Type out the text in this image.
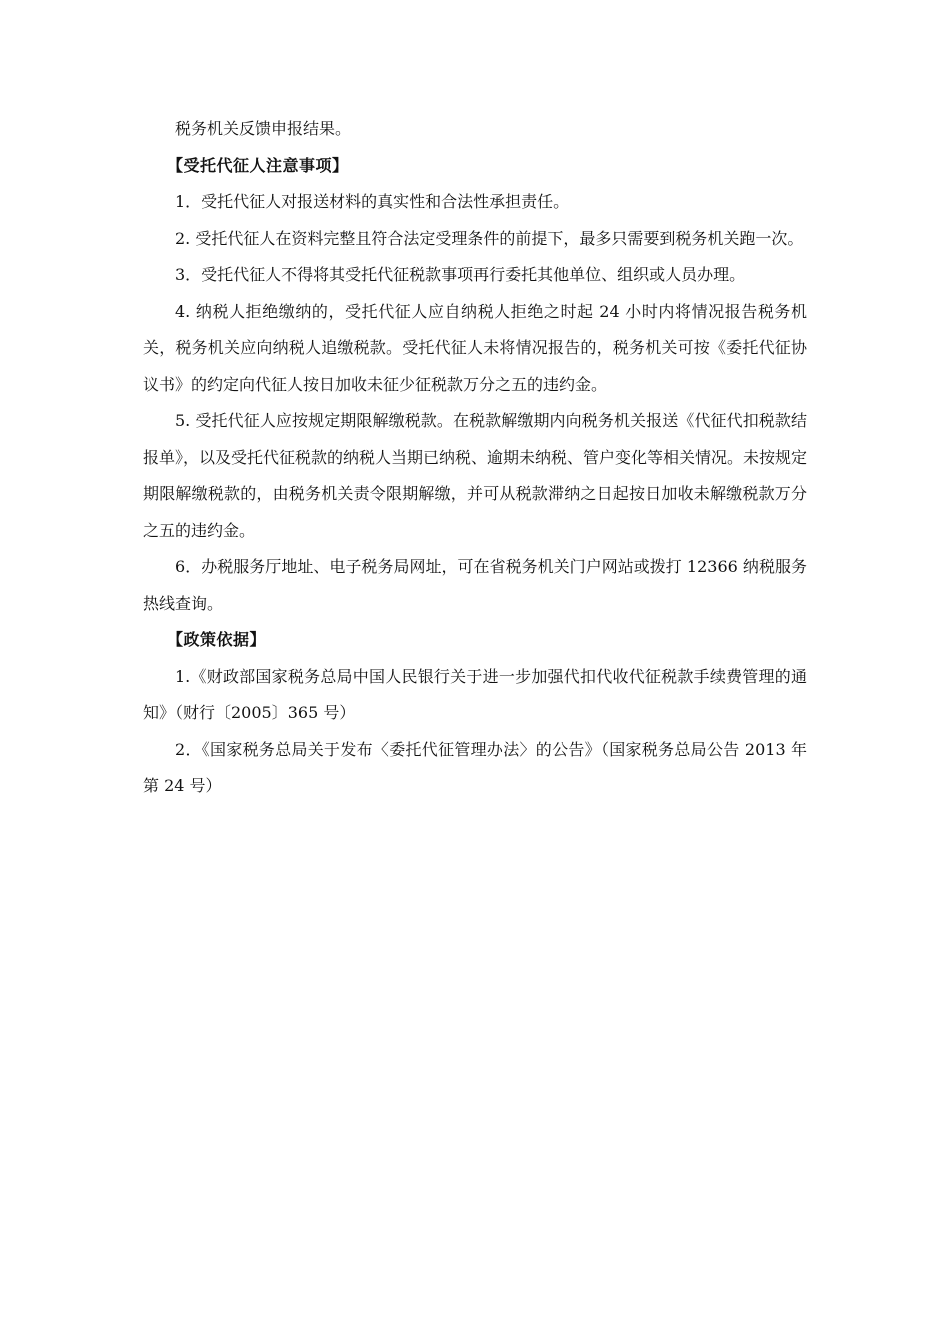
税务机关反馈申报结果。

【受托代征人注意事项】

1．受托代征人对报送材料的真实性和合法性承担责任。

2. 受托代征人在资料完整且符合法定受理条件的前提下，最多只需要到税务机关跑一次。

3．受托代征人不得将其受托代征税款事项再行委托其他单位、组织或人员办理。

4. 纳税人拒绝缴纳的，受托代征人应自纳税人拒绝之时起 24 小时内将情况报告税务机关，税务机关应向纳税人追缴税款。受托代征人未将情况报告的，税务机关可按《委托代征协议书》的约定向代征人按日加收未征少征税款万分之五的违约金。

5. 受托代征人应按规定期限解缴税款。在税款解缴期内向税务机关报送《代征代扣税款结报单》，以及受托代征税款的纳税人当期已纳税、逾期未纳税、管户变化等相关情况。未按规定期限解缴税款的，由税务机关责令限期解缴，并可从税款滞纳之日起按日加收未解缴税款万分之五的违约金。

6．办税服务厅地址、电子税务局网址，可在省税务机关门户网站或拨打 12366 纳税服务热线查询。

【政策依据】

1.《财政部国家税务总局中国人民银行关于进一步加强代扣代收代征税款手续费管理的通知》（财行〔2005〕365 号）

2．《国家税务总局关于发布〈委托代征管理办法〉的公告》（国家税务总局公告 2013 年第 24 号）
